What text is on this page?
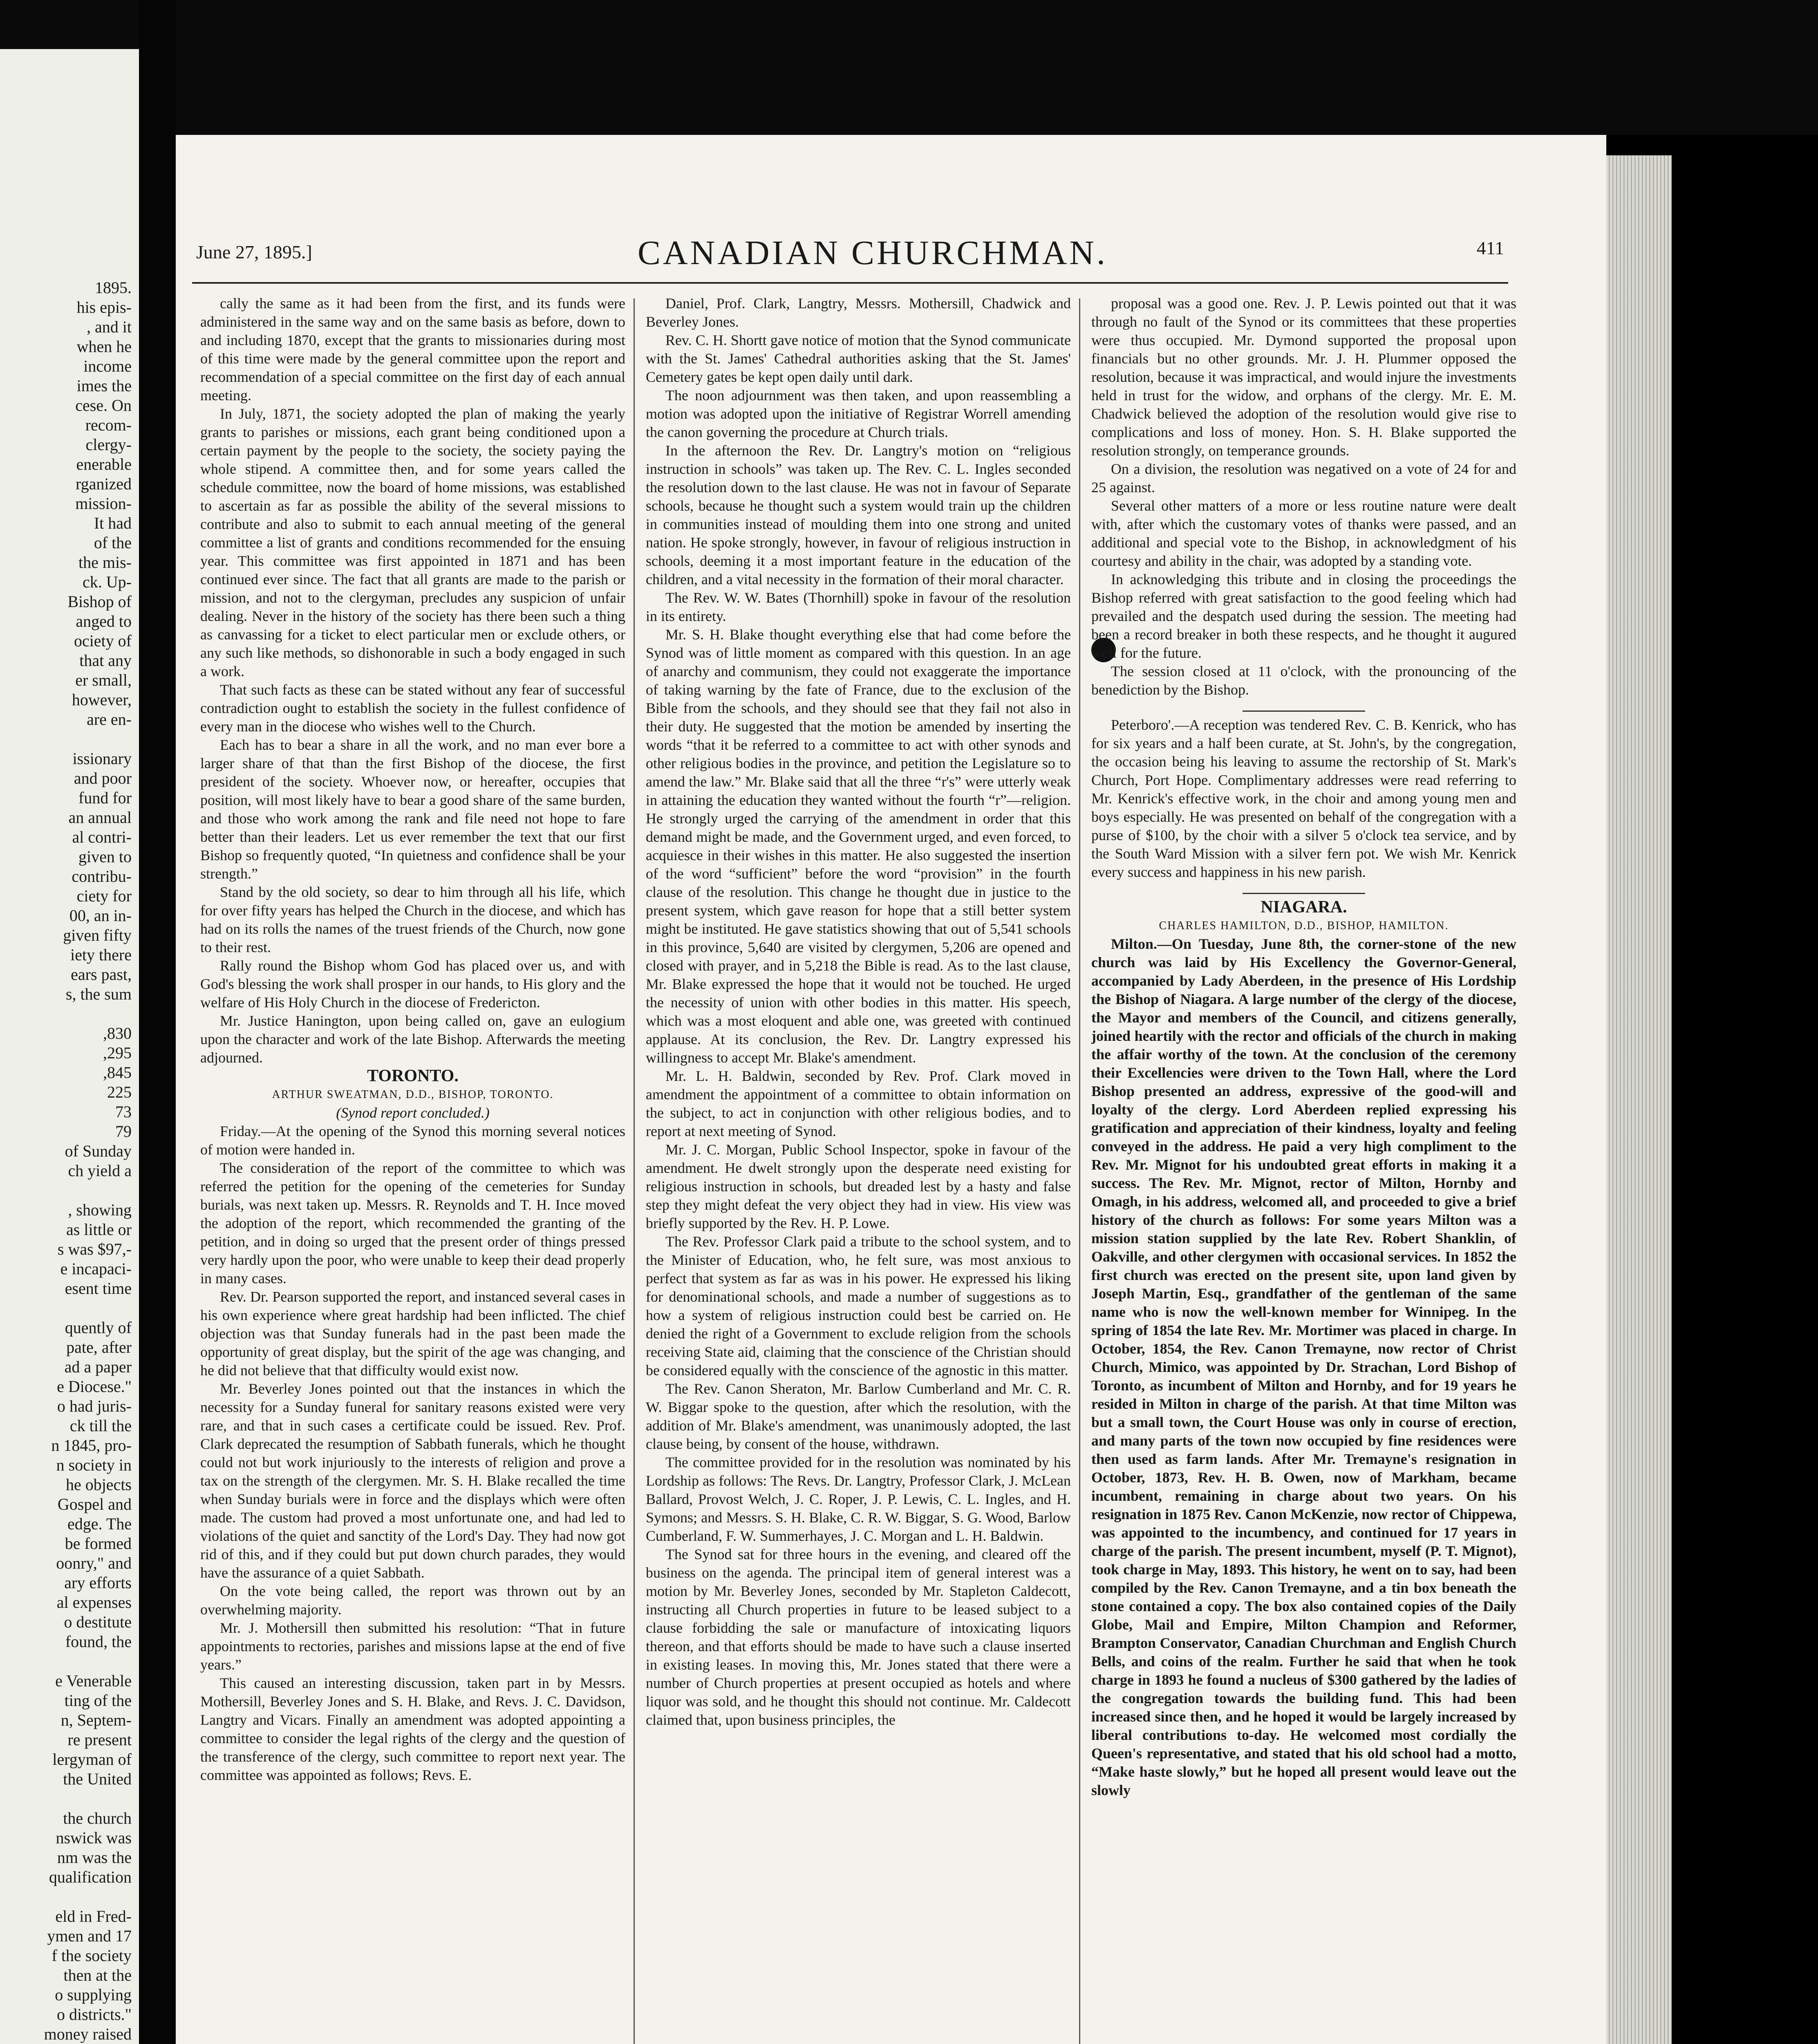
1895.
his epis-
, and it
when he
income
imes the
cese. On
recom-
clergy-
enerable
rganized
mission-
It had
of the
the mis-
ck. Up-
Bishop of
anged to
ociety of
that any
er small,
however,
are en-
issionary
and poor
fund for
an annual
al contri-
given to
contribu-
ciety for
00, an in-
given fifty
iety there
ears past,
s, the sum
,830
,295
,845
225
73
79
of Sunday
ch yield a
, showing
as little or
s was $97,-
e incapaci-
esent time
quently of
pate, after
ad a paper
e Diocese."
o had juris-
ck till the
n 1845, pro-
n society in
he objects
Gospel and
edge. The
be formed
oonry," and
ary efforts
al expenses
o destitute
found, the
e Venerable
ting of the
n, Septem-
re present
lergyman of
the United
the church
nswick was
nm was the
qualification
eld in Fred-
ymen and 17
f the society
then at the
o supplying
o districts."
money raised
June 27, 1895.]	CANADIAN CHURCHMAN.	411

cally the same as it had been from the first, and its funds were administered in the same way and on the same basis as before, down to and including 1870, except that the grants to missionaries during most of this time were made by the general committee upon the report and recommendation of a special committee on the first day of each annual meeting.

In July, 1871, the society adopted the plan of making the yearly grants to parishes or missions, each grant being conditioned upon a certain payment by the people to the society, the society paying the whole stipend. A committee then, and for some years called the schedule committee, now the board of home missions, was established to ascertain as far as possible the ability of the several missions to contribute and also to submit to each annual meeting of the general committee a list of grants and conditions recommended for the ensuing year. This committee was first appointed in 1871 and has been continued ever since. The fact that all grants are made to the parish or mission, and not to the clergyman, precludes any suspicion of unfair dealing. Never in the history of the society has there been such a thing as canvassing for a ticket to elect particular men or exclude others, or any such like methods, so dishonorable in such a body engaged in such a work.

That such facts as these can be stated without any fear of successful contradiction ought to establish the society in the fullest confidence of every man in the diocese who wishes well to the Church.

Each has to bear a share in all the work, and no man ever bore a larger share of that than the first Bishop of the diocese, the first president of the society. Whoever now, or hereafter, occupies that position, will most likely have to bear a good share of the same burden, and those who work among the rank and file need not hope to fare better than their leaders. Let us ever remember the text that our first Bishop so frequently quoted, “In quietness and confidence shall be your strength.”

Stand by the old society, so dear to him through all his life, which for over fifty years has helped the Church in the diocese, and which has had on its rolls the names of the truest friends of the Church, now gone to their rest.

Rally round the Bishop whom God has placed over us, and with God's blessing the work shall prosper in our hands, to His glory and the welfare of His Holy Church in the diocese of Fredericton.

Mr. Justice Hanington, upon being called on, gave an eulogium upon the character and work of the late Bishop. Afterwards the meeting adjourned.

TORONTO.

ARTHUR SWEATMAN, D.D., BISHOP, TORONTO.

(Synod report concluded.)

Friday.—At the opening of the Synod this morning several notices of motion were handed in.

The consideration of the report of the committee to which was referred the petition for the opening of the cemeteries for Sunday burials, was next taken up. Messrs. R. Reynolds and T. H. Ince moved the adoption of the report, which recommended the granting of the petition, and in doing so urged that the present order of things pressed very hardly upon the poor, who were unable to keep their dead properly in many cases.

Rev. Dr. Pearson supported the report, and instanced several cases in his own experience where great hardship had been inflicted. The chief objection was that Sunday funerals had in the past been made the opportunity of great display, but the spirit of the age was changing, and he did not believe that that difficulty would exist now.

Mr. Beverley Jones pointed out that the instances in which the necessity for a Sunday funeral for sanitary reasons existed were very rare, and that in such cases a certificate could be issued. Rev. Prof. Clark deprecated the resumption of Sabbath funerals, which he thought could not but work injuriously to the interests of religion and prove a tax on the strength of the clergymen. Mr. S. H. Blake recalled the time when Sunday burials were in force and the displays which were often made. The custom had proved a most unfortunate one, and had led to violations of the quiet and sanctity of the Lord's Day. They had now got rid of this, and if they could but put down church parades, they would have the assurance of a quiet Sabbath.

On the vote being called, the report was thrown out by an overwhelming majority.

Mr. J. Mothersill then submitted his resolution: “That in future appointments to rectories, parishes and missions lapse at the end of five years.”

This caused an interesting discussion, taken part in by Messrs. Mothersill, Beverley Jones and S. H. Blake, and Revs. J. C. Davidson, Langtry and Vicars. Finally an amendment was adopted appointing a committee to consider the legal rights of the clergy and the question of the transference of the clergy, such committee to report next year. The committee was appointed as follows; Revs. E.

Daniel, Prof. Clark, Langtry, Messrs. Mothersill, Chadwick and Beverley Jones.

Rev. C. H. Shortt gave notice of motion that the Synod communicate with the St. James' Cathedral authorities asking that the St. James' Cemetery gates be kept open daily until dark.

The noon adjournment was then taken, and upon reassembling a motion was adopted upon the initiative of Registrar Worrell amending the canon governing the procedure at Church trials.

In the afternoon the Rev. Dr. Langtry's motion on “religious instruction in schools” was taken up. The Rev. C. L. Ingles seconded the resolution down to the last clause. He was not in favour of Separate schools, because he thought such a system would train up the children in communities instead of moulding them into one strong and united nation. He spoke strongly, however, in favour of religious instruction in schools, deeming it a most important feature in the education of the children, and a vital necessity in the formation of their moral character.

The Rev. W. W. Bates (Thornhill) spoke in favour of the resolution in its entirety.

Mr. S. H. Blake thought everything else that had come before the Synod was of little moment as compared with this question. In an age of anarchy and communism, they could not exaggerate the importance of taking warning by the fate of France, due to the exclusion of the Bible from the schools, and they should see that they fail not also in their duty. He suggested that the motion be amended by inserting the words “that it be referred to a committee to act with other synods and other religious bodies in the province, and petition the Legislature so to amend the law.” Mr. Blake said that all the three “r's” were utterly weak in attaining the education they wanted without the fourth “r”—religion. He strongly urged the carrying of the amendment in order that this demand might be made, and the Government urged, and even forced, to acquiesce in their wishes in this matter. He also suggested the insertion of the word “sufficient” before the word “provision” in the fourth clause of the resolution. This change he thought due in justice to the present system, which gave reason for hope that a still better system might be instituted. He gave statistics showing that out of 5,541 schools in this province, 5,640 are visited by clergymen, 5,206 are opened and closed with prayer, and in 5,218 the Bible is read. As to the last clause, Mr. Blake expressed the hope that it would not be touched. He urged the necessity of union with other bodies in this matter. His speech, which was a most eloquent and able one, was greeted with continued applause. At its conclusion, the Rev. Dr. Langtry expressed his willingness to accept Mr. Blake's amendment.

Mr. L. H. Baldwin, seconded by Rev. Prof. Clark moved in amendment the appointment of a committee to obtain information on the subject, to act in conjunction with other religious bodies, and to report at next meeting of Synod.

Mr. J. C. Morgan, Public School Inspector, spoke in favour of the amendment. He dwelt strongly upon the desperate need existing for religious instruction in schools, but dreaded lest by a hasty and false step they might defeat the very object they had in view. His view was briefly supported by the Rev. H. P. Lowe.

The Rev. Professor Clark paid a tribute to the school system, and to the Minister of Education, who, he felt sure, was most anxious to perfect that system as far as was in his power. He expressed his liking for denominational schools, and made a number of suggestions as to how a system of religious instruction could best be carried on. He denied the right of a Government to exclude religion from the schools receiving State aid, claiming that the conscience of the Christian should be considered equally with the conscience of the agnostic in this matter.

The Rev. Canon Sheraton, Mr. Barlow Cumberland and Mr. C. R. W. Biggar spoke to the question, after which the resolution, with the addition of Mr. Blake's amendment, was unanimously adopted, the last clause being, by consent of the house, withdrawn.

The committee provided for in the resolution was nominated by his Lordship as follows: The Revs. Dr. Langtry, Professor Clark, J. McLean Ballard, Provost Welch, J. C. Roper, J. P. Lewis, C. L. Ingles, and H. Symons; and Messrs. S. H. Blake, C. R. W. Biggar, S. G. Wood, Barlow Cumberland, F. W. Summerhayes, J. C. Morgan and L. H. Baldwin.

The Synod sat for three hours in the evening, and cleared off the business on the agenda. The principal item of general interest was a motion by Mr. Beverley Jones, seconded by Mr. Stapleton Caldecott, instructing all Church properties in future to be leased subject to a clause forbidding the sale or manufacture of intoxicating liquors thereon, and that efforts should be made to have such a clause inserted in existing leases. In moving this, Mr. Jones stated that there were a number of Church properties at present occupied as hotels and where liquor was sold, and he thought this should not continue. Mr. Caldecott claimed that, upon business principles, the

proposal was a good one. Rev. J. P. Lewis pointed out that it was through no fault of the Synod or its committees that these properties were thus occupied. Mr. Dymond supported the proposal upon financials but no other grounds. Mr. J. H. Plummer opposed the resolution, because it was impractical, and would injure the investments held in trust for the widow, and orphans of the clergy. Mr. E. M. Chadwick believed the adoption of the resolution would give rise to complications and loss of money. Hon. S. H. Blake supported the resolution strongly, on temperance grounds.

On a division, the resolution was negatived on a vote of 24 for and 25 against.

Several other matters of a more or less routine nature were dealt with, after which the customary votes of thanks were passed, and an additional and special vote to the Bishop, in acknowledgment of his courtesy and ability in the chair, was adopted by a standing vote.

In acknowledging this tribute and in closing the proceedings the Bishop referred with great satisfaction to the good feeling which had prevailed and the despatch used during the session. The meeting had been a record breaker in both these respects, and he thought it augured well for the future.

The session closed at 11 o'clock, with the pronouncing of the benediction by the Bishop.

Peterboro'.—A reception was tendered Rev. C. B. Kenrick, who has for six years and a half been curate, at St. John's, by the congregation, the occasion being his leaving to assume the rectorship of St. Mark's Church, Port Hope. Complimentary addresses were read referring to Mr. Kenrick's effective work, in the choir and among young men and boys especially. He was presented on behalf of the congregation with a purse of $100, by the choir with a silver 5 o'clock tea service, and by the South Ward Mission with a silver fern pot. We wish Mr. Kenrick every success and happiness in his new parish.

NIAGARA.

CHARLES HAMILTON, D.D., BISHOP, HAMILTON.

Milton.—On Tuesday, June 8th, the corner-stone of the new church was laid by His Excellency the Governor-General, accompanied by Lady Aberdeen, in the presence of His Lordship the Bishop of Niagara. A large number of the clergy of the diocese, the Mayor and members of the Council, and citizens generally, joined heartily with the rector and officials of the church in making the affair worthy of the town. At the conclusion of the ceremony their Excellencies were driven to the Town Hall, where the Lord Bishop presented an address, expressive of the good-will and loyalty of the clergy. Lord Aberdeen replied expressing his gratification and appreciation of their kindness, loyalty and feeling conveyed in the address. He paid a very high compliment to the Rev. Mr. Mignot for his undoubted great efforts in making it a success. The Rev. Mr. Mignot, rector of Milton, Hornby and Omagh, in his address, welcomed all, and proceeded to give a brief history of the church as follows: For some years Milton was a mission station supplied by the late Rev. Robert Shanklin, of Oakville, and other clergymen with occasional services. In 1852 the first church was erected on the present site, upon land given by Joseph Martin, Esq., grandfather of the gentleman of the same name who is now the well-known member for Winnipeg. In the spring of 1854 the late Rev. Mr. Mortimer was placed in charge. In October, 1854, the Rev. Canon Tremayne, now rector of Christ Church, Mimico, was appointed by Dr. Strachan, Lord Bishop of Toronto, as incumbent of Milton and Hornby, and for 19 years he resided in Milton in charge of the parish. At that time Milton was but a small town, the Court House was only in course of erection, and many parts of the town now occupied by fine residences were then used as farm lands. After Mr. Tremayne's resignation in October, 1873, Rev. H. B. Owen, now of Markham, became incumbent, remaining in charge about two years. On his resignation in 1875 Rev. Canon McKenzie, now rector of Chippewa, was appointed to the incumbency, and continued for 17 years in charge of the parish. The present incumbent, myself (P. T. Mignot), took charge in May, 1893. This history, he went on to say, had been compiled by the Rev. Canon Tremayne, and a tin box beneath the stone contained a copy. The box also contained copies of the Daily Globe, Mail and Empire, Milton Champion and Reformer, Brampton Conservator, Canadian Churchman and English Church Bells, and coins of the realm. Further he said that when he took charge in 1893 he found a nucleus of $300 gathered by the ladies of the congregation towards the building fund. This had been increased since then, and he hoped it would be largely increased by liberal contributions to-day. He welcomed most cordially the Queen's representative, and stated that his old school had a motto, “Make haste slowly,” but he hoped all present would leave out the slowly
